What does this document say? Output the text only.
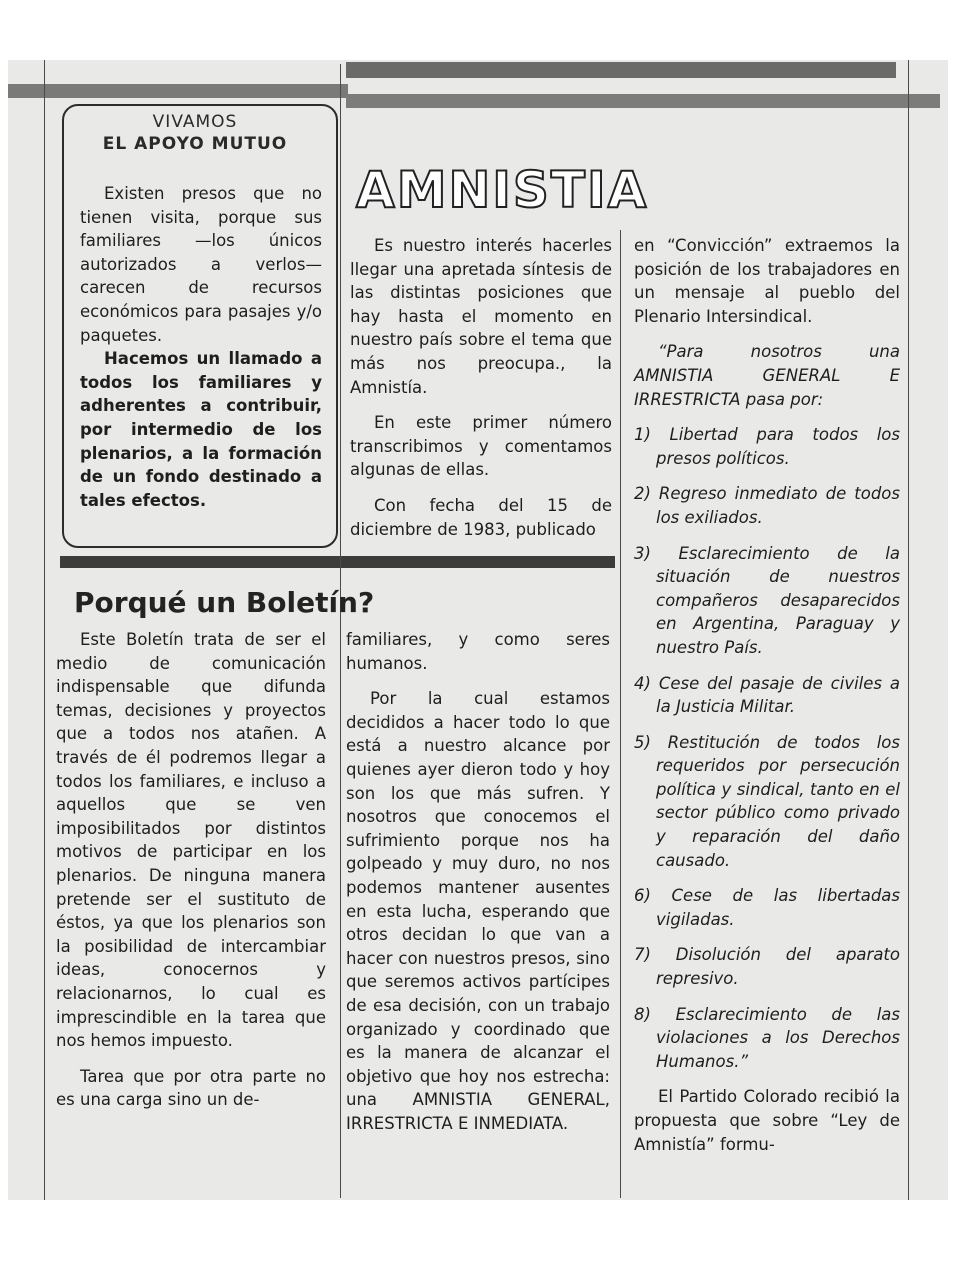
VIVAMOS
EL APOYO MUTUO

Existen presos que no tienen visita, porque sus familiares —los únicos autorizados a verlos— carecen de recursos económicos para pasajes y/o paquetes.

Hacemos un llamado a todos los familiares y adherentes a contribuir, por intermedio de los plenarios, a la formación de un fondo destinado a tales efectos.

AMNISTIA

Es nuestro interés hacerles llegar una apretada síntesis de las distintas posiciones que hay hasta el momento en nuestro país sobre el tema que más nos preocupa., la Amnistía.

En este primer número transcribimos y comentamos algunas de ellas.

Con fecha del 15 de diciembre de 1983, publicado

en “Convicción” extraemos la posición de los trabajadores en un mensaje al pueblo del Plenario Intersindical.

“Para nosotros una AMNISTIA GENERAL E IRRESTRICTA pasa por:

1) Libertad para todos los presos políticos.
2) Regreso inmediato de todos los exiliados.
3) Esclarecimiento de la situación de nuestros compañeros desaparecidos en Argentina, Paraguay y nuestro País.
4) Cese del pasaje de civiles a la Justicia Militar.
5) Restitución de todos los requeridos por persecución política y sindical, tanto en el sector público como privado y reparación del daño causado.
6) Cese de las libertadas vigiladas.
7) Disolución del aparato represivo.
8) Esclarecimiento de las violaciones a los Derechos Humanos.”

El Partido Colorado recibió la propuesta que sobre “Ley de Amnistía” formu-

Porqué un Boletín?

Este Boletín trata de ser el medio de comunicación indispensable que difunda temas, decisiones y proyectos que a todos nos atañen. A través de él podremos llegar a todos los familiares, e incluso a aquellos que se ven imposibilitados por distintos motivos de participar en los plenarios. De ninguna manera pretende ser el sustituto de éstos, ya que los plenarios son la posibilidad de intercambiar ideas, conocernos y relacionarnos, lo cual es imprescindible en la tarea que nos hemos impuesto.

Tarea que por otra parte no es una carga sino un de-

familiares, y como seres humanos.

Por la cual estamos decididos a hacer todo lo que está a nuestro alcance por quienes ayer dieron todo y hoy son los que más sufren. Y nosotros que conocemos el sufrimiento porque nos ha golpeado y muy duro, no nos podemos mantener ausentes en esta lucha, esperando que otros decidan lo que van a hacer con nuestros presos, sino que seremos activos partícipes de esa decisión, con un trabajo organizado y coordinado que es la manera de alcanzar el objetivo que hoy nos estrecha: una AMNISTIA GENERAL, IRRESTRICTA E INMEDIATA.
